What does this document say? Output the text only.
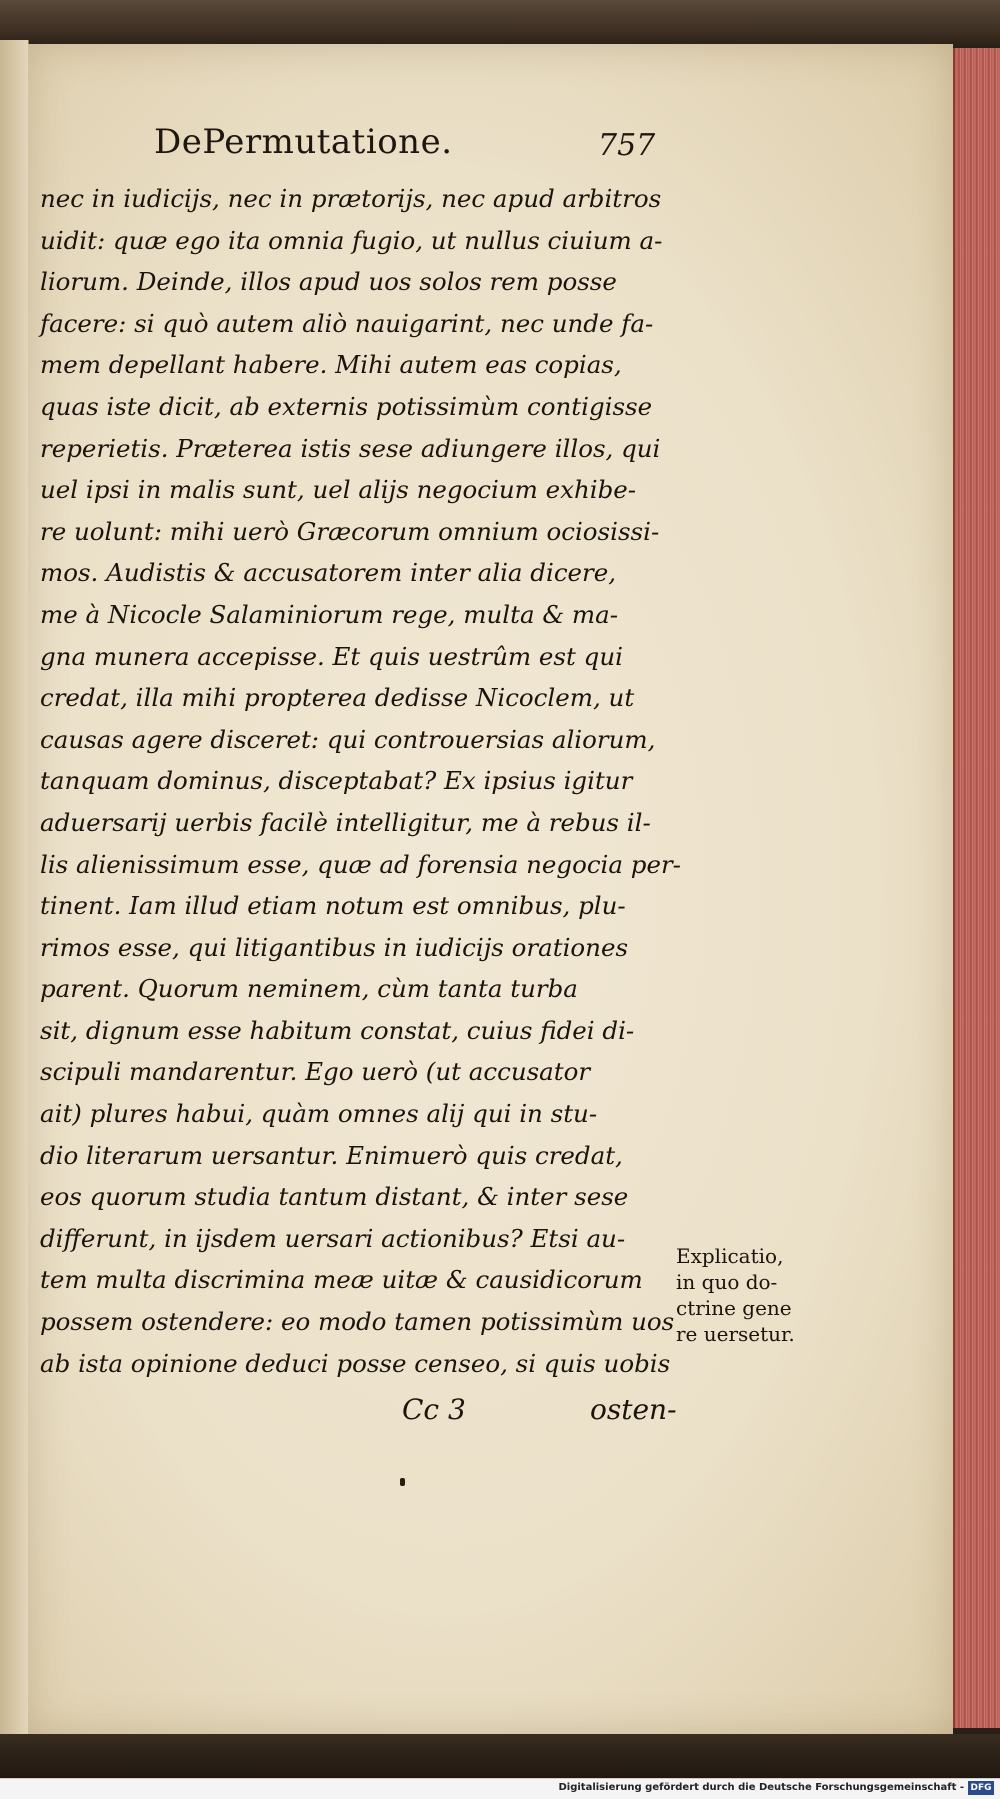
DePermutatione.	757
nec in iudicijs, nec in prætorijs, nec apud arbitros
uidit: quæ ego ita omnia fugio, ut nullus ciuium a-
liorum. Deinde, illos apud uos solos rem posse
facere: si quò autem aliò nauigarint, nec unde fa-
mem depellant habere. Mihi autem eas copias,
quas iste dicit, ab externis potissimùm contigisse
reperietis. Præterea istis sese adiungere illos, qui
uel ipsi in malis sunt, uel alijs negocium exhibe-
re uolunt: mihi uerò Græcorum omnium ociosissi-
mos. Audistis & accusatorem inter alia dicere,
me à Nicocle Salaminiorum rege, multa & ma-
gna munera accepisse. Et quis uestrûm est qui
credat, illa mihi propterea dedisse Nicoclem, ut
causas agere disceret: qui controuersias aliorum,
tanquam dominus, disceptabat? Ex ipsius igitur
aduersarij uerbis facilè intelligitur, me à rebus il-
lis alienissimum esse, quæ ad forensia negocia per-
tinent. Iam illud etiam notum est omnibus, plu-
rimos esse, qui litigantibus in iudicijs orationes
parent. Quorum neminem, cùm tanta turba
sit, dignum esse habitum constat, cuius fidei di-
scipuli mandarentur. Ego uerò (ut accusator
ait) plures habui, quàm omnes alij qui in stu-
dio literarum uersantur. Enimuerò quis credat,
eos quorum studia tantum distant, & inter sese
differunt, in ijsdem uersari actionibus? Etsi au-
tem multa discrimina meæ uitæ & causidicorum
possem ostendere: eo modo tamen potissimùm uos
ab ista opinione deduci posse censeo, si quis uobis
Explicatio,
in quo do-
ctrine gene
re uersetur.
Cc 3	osten-
Digitalisierung gefördert durch die Deutsche Forschungsgemeinschaft - DFG
